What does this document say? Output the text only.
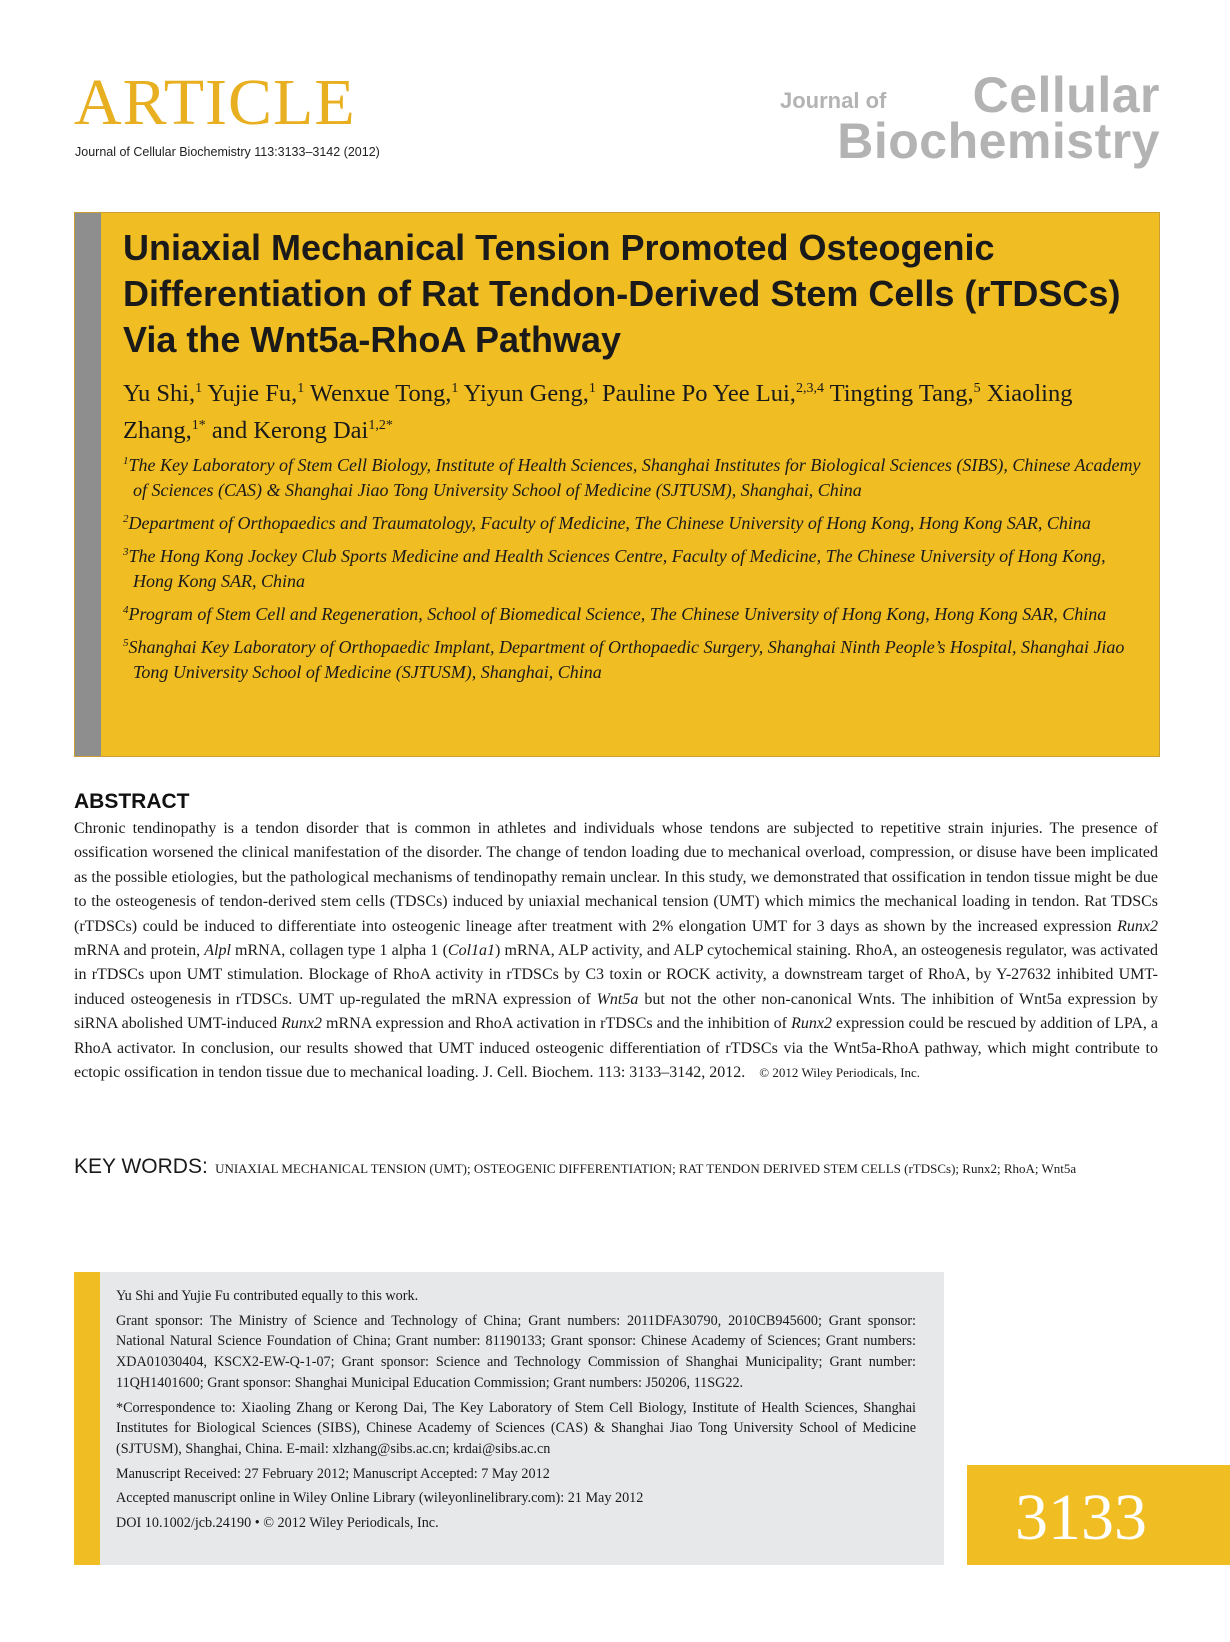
ARTICLE
Journal of Cellular Biochemistry 113:3133–3142 (2012)
Journal of Cellular
Biochemistry
Uniaxial Mechanical Tension Promoted Osteogenic Differentiation of Rat Tendon-Derived Stem Cells (rTDSCs) Via the Wnt5a-RhoA Pathway
Yu Shi,$^1$ Yujie Fu,$^1$ Wenxue Tong,$^1$ Yiyun Geng,$^1$ Pauline Po Yee Lui,$^{2,3,4}$ Tingting Tang,$^5$ Xiaoling Zhang,$^{1*}$ and Kerong Dai$^{1,2*}$
$^1$The Key Laboratory of Stem Cell Biology, Institute of Health Sciences, Shanghai Institutes for Biological Sciences (SIBS), Chinese Academy of Sciences (CAS) & Shanghai Jiao Tong University School of Medicine (SJTUSM), Shanghai, China
$^2$Department of Orthopaedics and Traumatology, Faculty of Medicine, The Chinese University of Hong Kong, Hong Kong SAR, China
$^3$The Hong Kong Jockey Club Sports Medicine and Health Sciences Centre, Faculty of Medicine, The Chinese University of Hong Kong, Hong Kong SAR, China
$^4$Program of Stem Cell and Regeneration, School of Biomedical Science, The Chinese University of Hong Kong, Hong Kong SAR, China
$^5$Shanghai Key Laboratory of Orthopaedic Implant, Department of Orthopaedic Surgery, Shanghai Ninth People’s Hospital, Shanghai Jiao Tong University School of Medicine (SJTUSM), Shanghai, China
ABSTRACT
Chronic tendinopathy is a tendon disorder that is common in athletes and individuals whose tendons are subjected to repetitive strain injuries. The presence of ossification worsened the clinical manifestation of the disorder. The change of tendon loading due to mechanical overload, compression, or disuse have been implicated as the possible etiologies, but the pathological mechanisms of tendinopathy remain unclear. In this study, we demonstrated that ossification in tendon tissue might be due to the osteogenesis of tendon-derived stem cells (TDSCs) induced by uniaxial mechanical tension (UMT) which mimics the mechanical loading in tendon. Rat TDSCs (rTDSCs) could be induced to differentiate into osteogenic lineage after treatment with 2% elongation UMT for 3 days as shown by the increased expression Runx2 mRNA and protein, Alpl mRNA, collagen type 1 alpha 1 (Col1a1) mRNA, ALP activity, and ALP cytochemical staining. RhoA, an osteogenesis regulator, was activated in rTDSCs upon UMT stimulation. Blockage of RhoA activity in rTDSCs by C3 toxin or ROCK activity, a downstream target of RhoA, by Y-27632 inhibited UMT-induced osteogenesis in rTDSCs. UMT up-regulated the mRNA expression of Wnt5a but not the other non-canonical Wnts. The inhibition of Wnt5a expression by siRNA abolished UMT-induced Runx2 mRNA expression and RhoA activation in rTDSCs and the inhibition of Runx2 expression could be rescued by addition of LPA, a RhoA activator. In conclusion, our results showed that UMT induced osteogenic differentiation of rTDSCs via the Wnt5a-RhoA pathway, which might contribute to ectopic ossification in tendon tissue due to mechanical loading. J. Cell. Biochem. 113: 3133–3142, 2012. © 2012 Wiley Periodicals, Inc.
KEY WORDS: UNIAXIAL MECHANICAL TENSION (UMT); OSTEOGENIC DIFFERENTIATION; RAT TENDON DERIVED STEM CELLS (rTDSCs); Runx2; RhoA; Wnt5a

Yu Shi and Yujie Fu contributed equally to this work.

Grant sponsor: The Ministry of Science and Technology of China; Grant numbers: 2011DFA30790, 2010CB945600; Grant sponsor: National Natural Science Foundation of China; Grant number: 81190133; Grant sponsor: Chinese Academy of Sciences; Grant numbers: XDA01030404, KSCX2-EW-Q-1-07; Grant sponsor: Science and Technology Commission of Shanghai Municipality; Grant number: 11QH1401600; Grant sponsor: Shanghai Municipal Education Commission; Grant numbers: J50206, 11SG22.

*Correspondence to: Xiaoling Zhang or Kerong Dai, The Key Laboratory of Stem Cell Biology, Institute of Health Sciences, Shanghai Institutes for Biological Sciences (SIBS), Chinese Academy of Sciences (CAS) & Shanghai Jiao Tong University School of Medicine (SJTUSM), Shanghai, China. E-mail: xlzhang@sibs.ac.cn; krdai@sibs.ac.cn

Manuscript Received: 27 February 2012; Manuscript Accepted: 7 May 2012

Accepted manuscript online in Wiley Online Library (wileyonlinelibrary.com): 21 May 2012

DOI 10.1002/jcb.24190 • © 2012 Wiley Periodicals, Inc.	3133
